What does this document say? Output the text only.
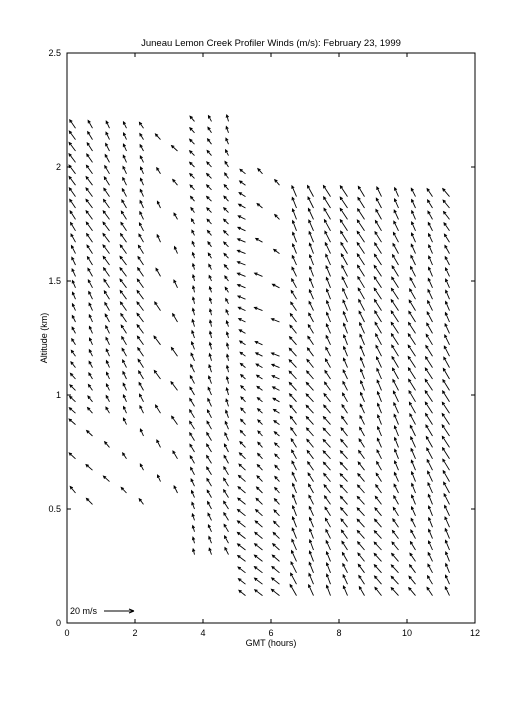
0	2	4	6	8	10	12
0
0.5
1
1.5
2
2.5
Juneau Lemon Creek Profiler Winds (m/s): February 23, 1999
GMT (hours)
Altitude (km)
20 m/s
